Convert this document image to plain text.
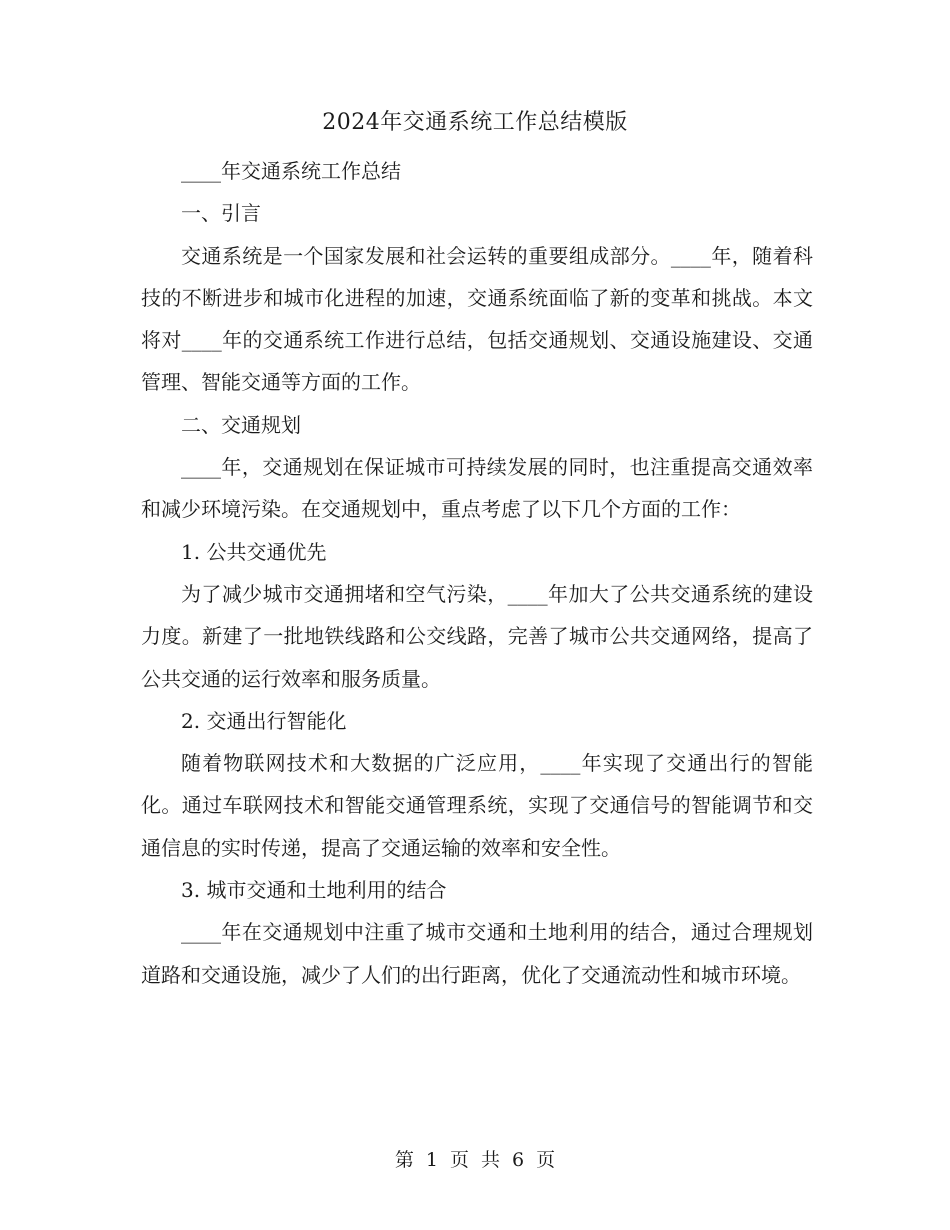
2024年交通系统工作总结模版

____年交通系统工作总结

一、引言

交通系统是一个国家发展和社会运转的重要组成部分。____年，随着科技的不断进步和城市化进程的加速，交通系统面临了新的变革和挑战。本文将对____年的交通系统工作进行总结，包括交通规划、交通设施建设、交通管理、智能交通等方面的工作。

二、交通规划

____年，交通规划在保证城市可持续发展的同时，也注重提高交通效率和减少环境污染。在交通规划中，重点考虑了以下几个方面的工作：

1. 公共交通优先

为了减少城市交通拥堵和空气污染，____年加大了公共交通系统的建设力度。新建了一批地铁线路和公交线路，完善了城市公共交通网络，提高了公共交通的运行效率和服务质量。

2. 交通出行智能化

随着物联网技术和大数据的广泛应用，____年实现了交通出行的智能化。通过车联网技术和智能交通管理系统，实现了交通信号的智能调节和交通信息的实时传递，提高了交通运输的效率和安全性。

3. 城市交通和土地利用的结合

____年在交通规划中注重了城市交通和土地利用的结合，通过合理规划道路和交通设施，减少了人们的出行距离，优化了交通流动性和城市环境。

第 1 页 共 6 页
